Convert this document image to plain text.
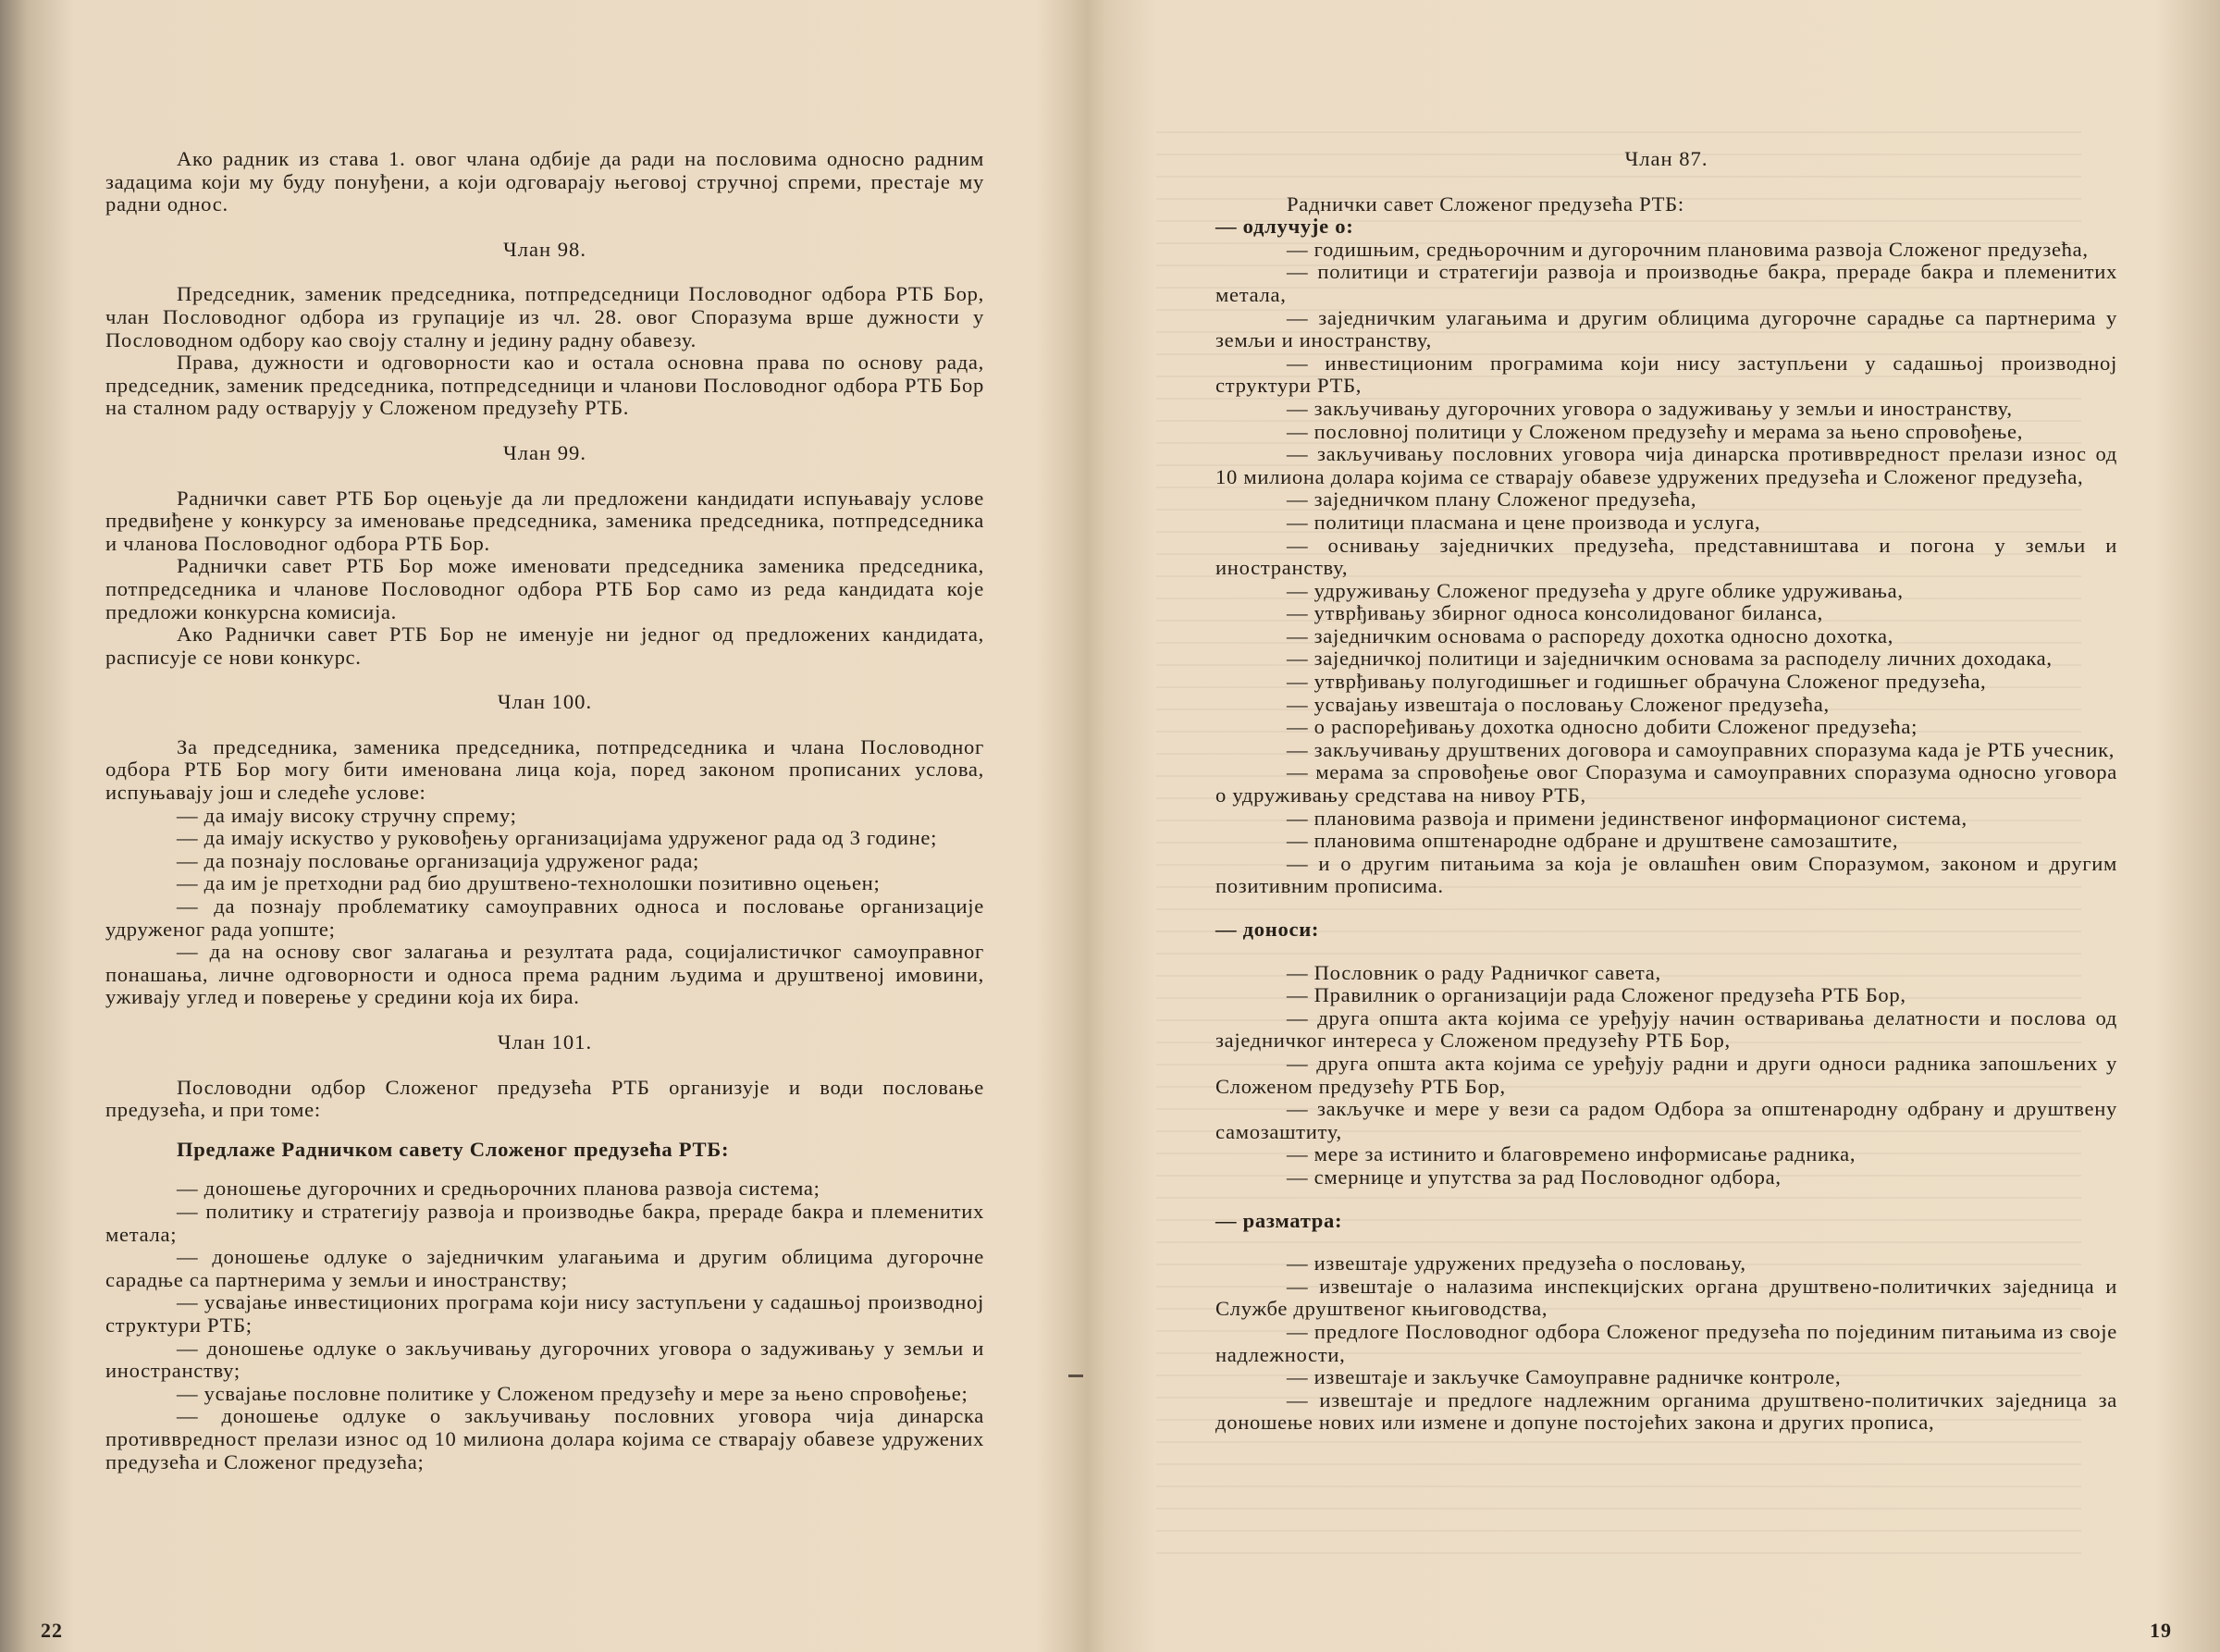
Ако радник из става 1. овог члана одбије да ради на пословима односно радним задацима који му буду понуђени, а који одговарају његовој стручној спреми, престаје му радни однос.

Члан 98.

Председник, заменик председника, потпредседници Пословодног одбора РТБ Бор, члан Пословодног одбора из групације из чл. 28. овог Споразума врше дужности у Пословодном одбору као своју сталну и једину радну обавезу.

Права, дужности и одговорности као и остала основна права по основу рада, председник, заменик председника, потпредседници и чланови Пословодног одбора РТБ Бор на сталном раду остварују у Сложеном предузећу РТБ.

Члан 99.

Раднички савет РТБ Бор оцењује да ли предложени кандидати испуњавају услове предвиђене у конкурсу за именовање председника, заменика председника, потпредседника и чланова Пословодног одбора РТБ Бор.

Раднички савет РТБ Бор може именовати председника заменика председника, потпредседника и чланове Пословодног одбора РТБ Бор само из реда кандидата које предложи конкурсна комисија.

Ако Раднички савет РТБ Бор не именује ни једног од предложених кандидата, расписује се нови конкурс.

Члан 100.

За председника, заменика председника, потпредседника и члана Пословодног одбора РТБ Бор могу бити именована лица која, поред законом прописаних услова, испуњавају још и следеће услове:

— да имају високу стручну спрему;

— да имају искуство у руковођењу организацијама удруженог рада од 3 године;

— да познају пословање организација удруженог рада;

— да им је претходни рад био друштвено-технолошки позитивно оцењен;

— да познају проблематику самоуправних односа и пословање организације удруженог рада уопште;

— да на основу свог залагања и резултата рада, социјалистичког самоуправног понашања, личне одговорности и односа према радним људима и друштвеној имовини, уживају углед и поверење у средини која их бира.

Члан 101.

Пословодни одбор Сложеног предузећа РТБ организује и води пословање предузећа, и при томе:

Предлаже Радничком савету Сложеног предузећа РТБ:

— доношење дугорочних и средњорочних планова развоја система;

— политику и стратегију развоја и производње бакра, прераде бакра и племенитих метала;

— доношење одлуке о заједничким улагањима и другим облицима дугорочне сарадње са партнерима у земљи и иностранству;

— усвајање инвестиционих програма који нису заступљени у садашњој производној структури РТБ;

— доношење одлуке о закључивању дугорочних уговора о задуживању у земљи и иностранству;

— усвајање пословне политике у Сложеном предузећу и мере за њено спровођење;

— доношење одлуке о закључивању пословних уговора чија динарска противвредност прелази износ од 10 милиона долара којима се стварају обавезе удружених предузећа и Сложеног предузећа;

22

Члан 87.

Раднички савет Сложеног предузећа РТБ:

— одлучује о:

— годишњим, средњорочним и дугорочним плановима развоја Сложеног предузећа,

— политици и стратегији развоја и производње бакра, прераде бакра и племенитих метала,

— заједничким улагањима и другим облицима дугорочне сарадње са партнерима у земљи и иностранству,

— инвестиционим програмима који нису заступљени у садашњој производној структури РТБ,

— закључивању дугорочних уговора о задуживању у земљи и иностранству,

— пословној политици у Сложеном предузећу и мерама за њено спровођење,

— закључивању пословних уговора чија динарска противвредност прелази износ од 10 милиона долара којима се стварају обавезе удружених предузећа и Сложеног предузећа,

— заједничком плану Сложеног предузећа,

— политици пласмана и цене производа и услуга,

— оснивању заједничких предузећа, представништава и погона у земљи и иностранству,

— удруживању Сложеног предузећа у друге облике удруживања,

— утврђивању збирног односа консолидованог биланса,

— заједничким основама о распореду дохотка односно дохотка,

— заједничкој политици и заједничким основама за расподелу личних доходака,

— утврђивању полугодишњег и годишњег обрачуна Сложеног предузећа,

— усвајању извештаја о пословању Сложеног предузећа,

— о распоређивању дохотка односно добити Сложеног предузећа;

— закључивању друштвених договора и самоуправних споразума када је РТБ учесник,

— мерама за спровођење овог Споразума и самоуправних споразума односно уговора о удруживању средстава на нивоу РТБ,

— плановима развоја и примени јединственог информационог система,

— плановима општенародне одбране и друштвене самозаштите,

— и о другим питањима за која је овлашћен овим Споразумом, законом и другим позитивним прописима.

— доноси:

— Пословник о раду Радничког савета,

— Правилник о организацији рада Сложеног предузећа РТБ Бор,

— друга општа акта којима се уређују начин остваривања делатности и послова од заједничког интереса у Сложеном предузећу РТБ Бор,

— друга општа акта којима се уређују радни и други односи радника запошљених у Сложеном предузећу РТБ Бор,

— закључке и мере у вези са радом Одбора за општенародну одбрану и друштвену самозаштиту,

— мере за истинито и благовремено информисање радника,

— смернице и упутства за рад Пословодног одбора,

— разматра:

— извештаје удружених предузећа о пословању,

— извештаје о налазима инспекцијских органа друштвено-политичких заједница и Службе друштвеног књиговодства,

— предлоге Пословодног одбора Сложеног предузећа по појединим питањима из своје надлежности,

— извештаје и закључке Самоуправне радничке контроле,

— извештаје и предлоге надлежним органима друштвено-политичких заједница за доношење нових или измене и допуне постојећих закона и других прописа,

19
